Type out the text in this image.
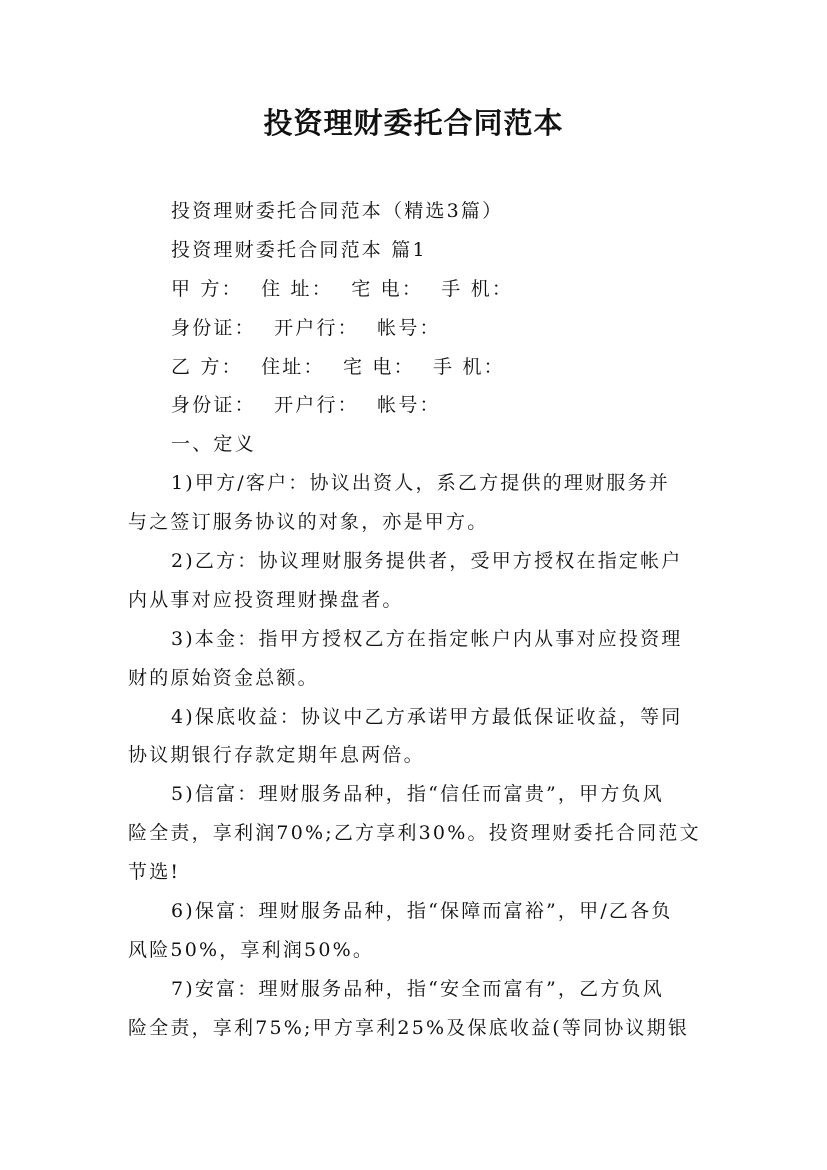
投资理财委托合同范本
投资理财委托合同范本（精选3篇）
投资理财委托合同范本 篇1
甲 方： 住 址： 宅 电： 手 机：
身份证： 开户行： 帐号：
乙 方： 住址： 宅 电： 手 机：
身份证： 开户行： 帐号：
一、定义
1)甲方/客户：协议出资人，系乙方提供的理财服务并
与之签订服务协议的对象，亦是甲方。
2)乙方：协议理财服务提供者，受甲方授权在指定帐户
内从事对应投资理财操盘者。
3)本金：指甲方授权乙方在指定帐户内从事对应投资理
财的原始资金总额。
4)保底收益：协议中乙方承诺甲方最低保证收益，等同
协议期银行存款定期年息两倍。
5)信富：理财服务品种，指“信任而富贵”，甲方负风
险全责，享利润70%;乙方享利30%。投资理财委托合同范文
节选!
6)保富：理财服务品种，指“保障而富裕”，甲/乙各负
风险50%，享利润50%。
7)安富：理财服务品种，指“安全而富有”，乙方负风
险全责，享利75%;甲方享利25%及保底收益(等同协议期银
